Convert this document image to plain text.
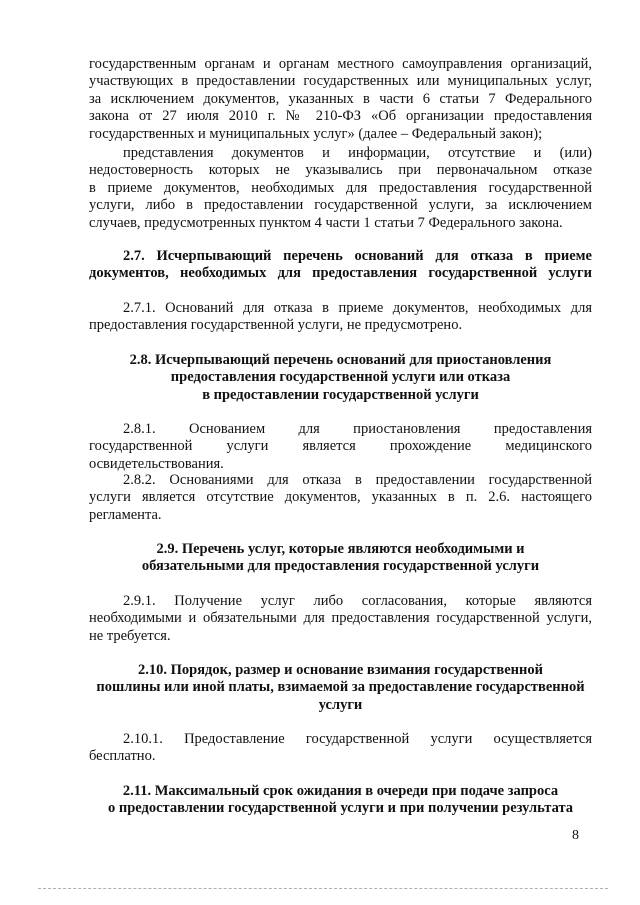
государственным органам и органам местного самоуправления организаций,
участвующих в предоставлении государственных или муниципальных услуг,
за исключением документов, указанных в части 6 статьи 7 Федерального
закона от 27 июля 2010 г. № 210-ФЗ «Об организации предоставления
государственных и муниципальных услуг» (далее – Федеральный закон);
представления документов и информации, отсутствие и (или)
недостоверность которых не указывались при первоначальном отказе
в приеме документов, необходимых для предоставления государственной
услуги, либо в предоставлении государственной услуги, за исключением
случаев, предусмотренных пунктом 4 части 1 статьи 7 Федерального закона.
2.7. Исчерпывающий перечень оснований для отказа в приеме
документов, необходимых для предоставления государственной услуги
2.7.1. Оснований для отказа в приеме документов, необходимых для
предоставления государственной услуги, не предусмотрено.
2.8. Исчерпывающий перечень оснований для приостановления
предоставления государственной услуги или отказа
в предоставлении государственной услуги
2.8.1. Основанием для приостановления предоставления
государственной услуги является прохождение медицинского
освидетельствования.
2.8.2. Основаниями для отказа в предоставлении государственной
услуги является отсутствие документов, указанных в п. 2.6. настоящего
регламента.
2.9. Перечень услуг, которые являются необходимыми и
обязательными для предоставления государственной услуги
2.9.1. Получение услуг либо согласования, которые являются
необходимыми и обязательными для предоставления государственной услуги,
не требуется.
2.10. Порядок, размер и основание взимания государственной
пошлины или иной платы, взимаемой за предоставление государственной
услуги
2.10.1. Предоставление государственной услуги осуществляется
бесплатно.
2.11. Максимальный срок ожидания в очереди при подаче запроса
о предоставлении государственной услуги и при получении результата
8
